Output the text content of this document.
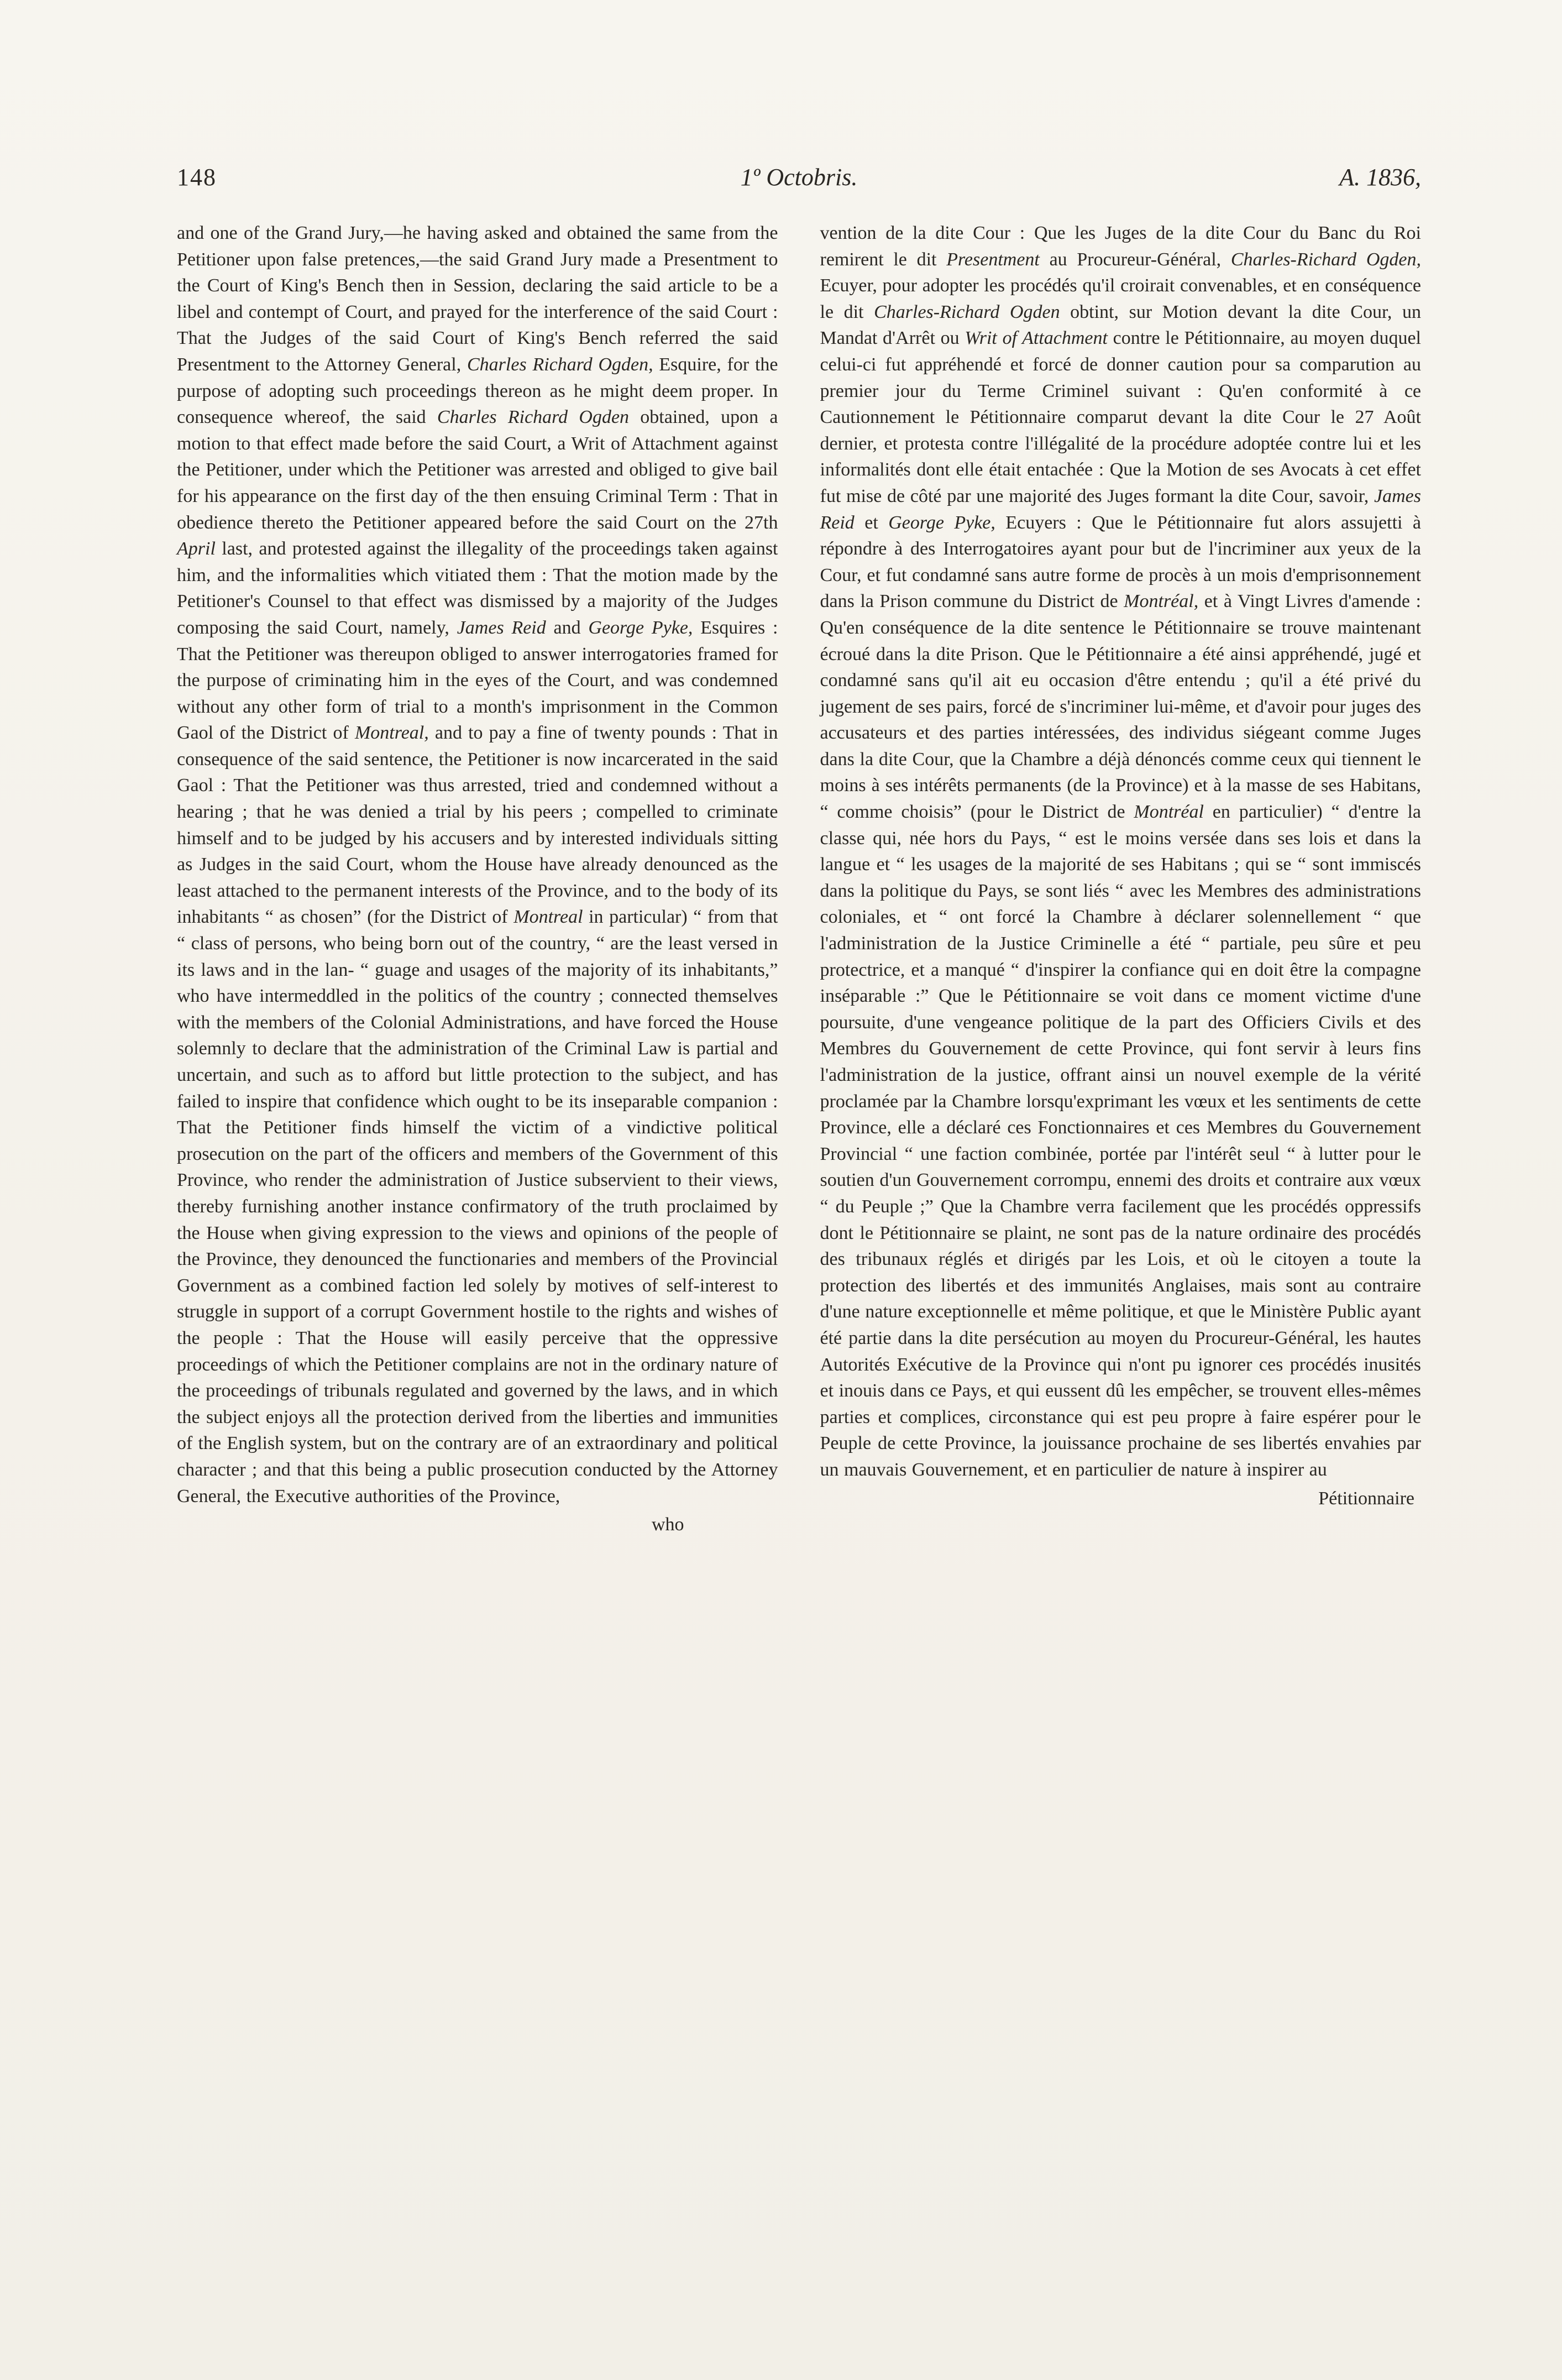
148	1º Octobris.	A. 1836,
and one of the Grand Jury,—he having asked and obtained the same from the Petitioner upon false pretences,—the said Grand Jury made a Presentment to the Court of King's Bench then in Session, declaring the said article to be a libel and contempt of Court, and prayed for the interference of the said Court : That the Judges of the said Court of King's Bench referred the said Presentment to the Attorney General, Charles Richard Ogden, Esquire, for the purpose of adopting such proceedings thereon as he might deem proper. In consequence whereof, the said Charles Richard Ogden obtained, upon a motion to that effect made before the said Court, a Writ of Attachment against the Petitioner, under which the Petitioner was arrested and obliged to give bail for his appearance on the first day of the then ensuing Criminal Term : That in obedience thereto the Petitioner appeared before the said Court on the 27th April last, and protested against the illegality of the proceedings taken against him, and the informalities which vitiated them : That the motion made by the Petitioner's Counsel to that effect was dismissed by a majority of the Judges composing the said Court, namely, James Reid and George Pyke, Esquires : That the Petitioner was thereupon obliged to answer interrogatories framed for the purpose of criminating him in the eyes of the Court, and was condemned without any other form of trial to a month's imprisonment in the Common Gaol of the District of Montreal, and to pay a fine of twenty pounds : That in consequence of the said sentence, the Petitioner is now incarcerated in the said Gaol : That the Petitioner was thus arrested, tried and condemned without a hearing ; that he was denied a trial by his peers ; compelled to criminate himself and to be judged by his accusers and by interested individuals sitting as Judges in the said Court, whom the House have already denounced as the least attached to the permanent interests of the Province, and to the body of its inhabitants “ as chosen” (for the District of Montreal in particular) “ from that “ class of persons, who being born out of the country, “ are the least versed in its laws and in the lan- “ guage and usages of the majority of its inhabitants,” who have intermeddled in the politics of the country ; connected themselves with the members of the Colonial Administrations, and have forced the House solemnly to declare that the administration of the Criminal Law is partial and uncertain, and such as to afford but little protection to the subject, and has failed to inspire that confidence which ought to be its inseparable companion : That the Petitioner finds himself the victim of a vindictive political prosecution on the part of the officers and members of the Government of this Province, who render the administration of Justice subservient to their views, thereby furnishing another instance confirmatory of the truth proclaimed by the House when giving expression to the views and opinions of the people of the Province, they denounced the functionaries and members of the Provincial Government as a combined faction led solely by motives of self-interest to struggle in support of a corrupt Government hostile to the rights and wishes of the people : That the House will easily perceive that the oppressive proceedings of which the Petitioner complains are not in the ordinary nature of the proceedings of tribunals regulated and governed by the laws, and in which the subject enjoys all the protection derived from the liberties and immunities of the English system, but on the contrary are of an extraordinary and political character ; and that this being a public prosecution conducted by the Attorney General, the Executive authorities of the Province,
who
vention de la dite Cour : Que les Juges de la dite Cour du Banc du Roi remirent le dit Presentment au Procureur-Général, Charles-Richard Ogden, Ecuyer, pour adopter les procédés qu'il croirait convenables, et en conséquence le dit Charles-Richard Ogden obtint, sur Motion devant la dite Cour, un Mandat d'Arrêt ou Writ of Attachment contre le Pétitionnaire, au moyen duquel celui-ci fut appréhendé et forcé de donner caution pour sa comparution au premier jour du Terme Criminel suivant : Qu'en conformité à ce Cautionnement le Pétitionnaire comparut devant la dite Cour le 27 Août dernier, et protesta contre l'illégalité de la procédure adoptée contre lui et les informalités dont elle était entachée : Que la Motion de ses Avocats à cet effet fut mise de côté par une majorité des Juges formant la dite Cour, savoir, James Reid et George Pyke, Ecuyers : Que le Pétitionnaire fut alors assujetti à répondre à des Interrogatoires ayant pour but de l'incriminer aux yeux de la Cour, et fut condamné sans autre forme de procès à un mois d'emprisonnement dans la Prison commune du District de Montréal, et à Vingt Livres d'amende : Qu'en conséquence de la dite sentence le Pétitionnaire se trouve maintenant écroué dans la dite Prison. Que le Pétitionnaire a été ainsi appréhendé, jugé et condamné sans qu'il ait eu occasion d'être entendu ; qu'il a été privé du jugement de ses pairs, forcé de s'incriminer lui-même, et d'avoir pour juges des accusateurs et des parties intéressées, des individus siégeant comme Juges dans la dite Cour, que la Chambre a déjà dénoncés comme ceux qui tiennent le moins à ses intérêts permanents (de la Province) et à la masse de ses Habitans, “ comme choisis” (pour le District de Montréal en particulier) “ d'entre la classe qui, née hors du Pays, “ est le moins versée dans ses lois et dans la langue et “ les usages de la majorité de ses Habitans ; qui se “ sont immiscés dans la politique du Pays, se sont liés “ avec les Membres des administrations coloniales, et “ ont forcé la Chambre à déclarer solennellement “ que l'administration de la Justice Criminelle a été “ partiale, peu sûre et peu protectrice, et a manqué “ d'inspirer la confiance qui en doit être la compagne inséparable :” Que le Pétitionnaire se voit dans ce moment victime d'une poursuite, d'une vengeance politique de la part des Officiers Civils et des Membres du Gouvernement de cette Province, qui font servir à leurs fins l'administration de la justice, offrant ainsi un nouvel exemple de la vérité proclamée par la Chambre lorsqu'exprimant les vœux et les sentiments de cette Province, elle a déclaré ces Fonctionnaires et ces Membres du Gouvernement Provincial “ une faction combinée, portée par l'intérêt seul “ à lutter pour le soutien d'un Gouvernement corrompu, ennemi des droits et contraire aux vœux “ du Peuple ;” Que la Chambre verra facilement que les procédés oppressifs dont le Pétitionnaire se plaint, ne sont pas de la nature ordinaire des procédés des tribunaux réglés et dirigés par les Lois, et où le citoyen a toute la protection des libertés et des immunités Anglaises, mais sont au contraire d'une nature exceptionnelle et même politique, et que le Ministère Public ayant été partie dans la dite persécution au moyen du Procureur-Général, les hautes Autorités Exécutive de la Province qui n'ont pu ignorer ces procédés inusités et inouis dans ce Pays, et qui eussent dû les empêcher, se trouvent elles-mêmes parties et complices, circonstance qui est peu propre à faire espérer pour le Peuple de cette Province, la jouissance prochaine de ses libertés envahies par un mauvais Gouvernement, et en particulier de nature à inspirer au
Pétitionnaire
